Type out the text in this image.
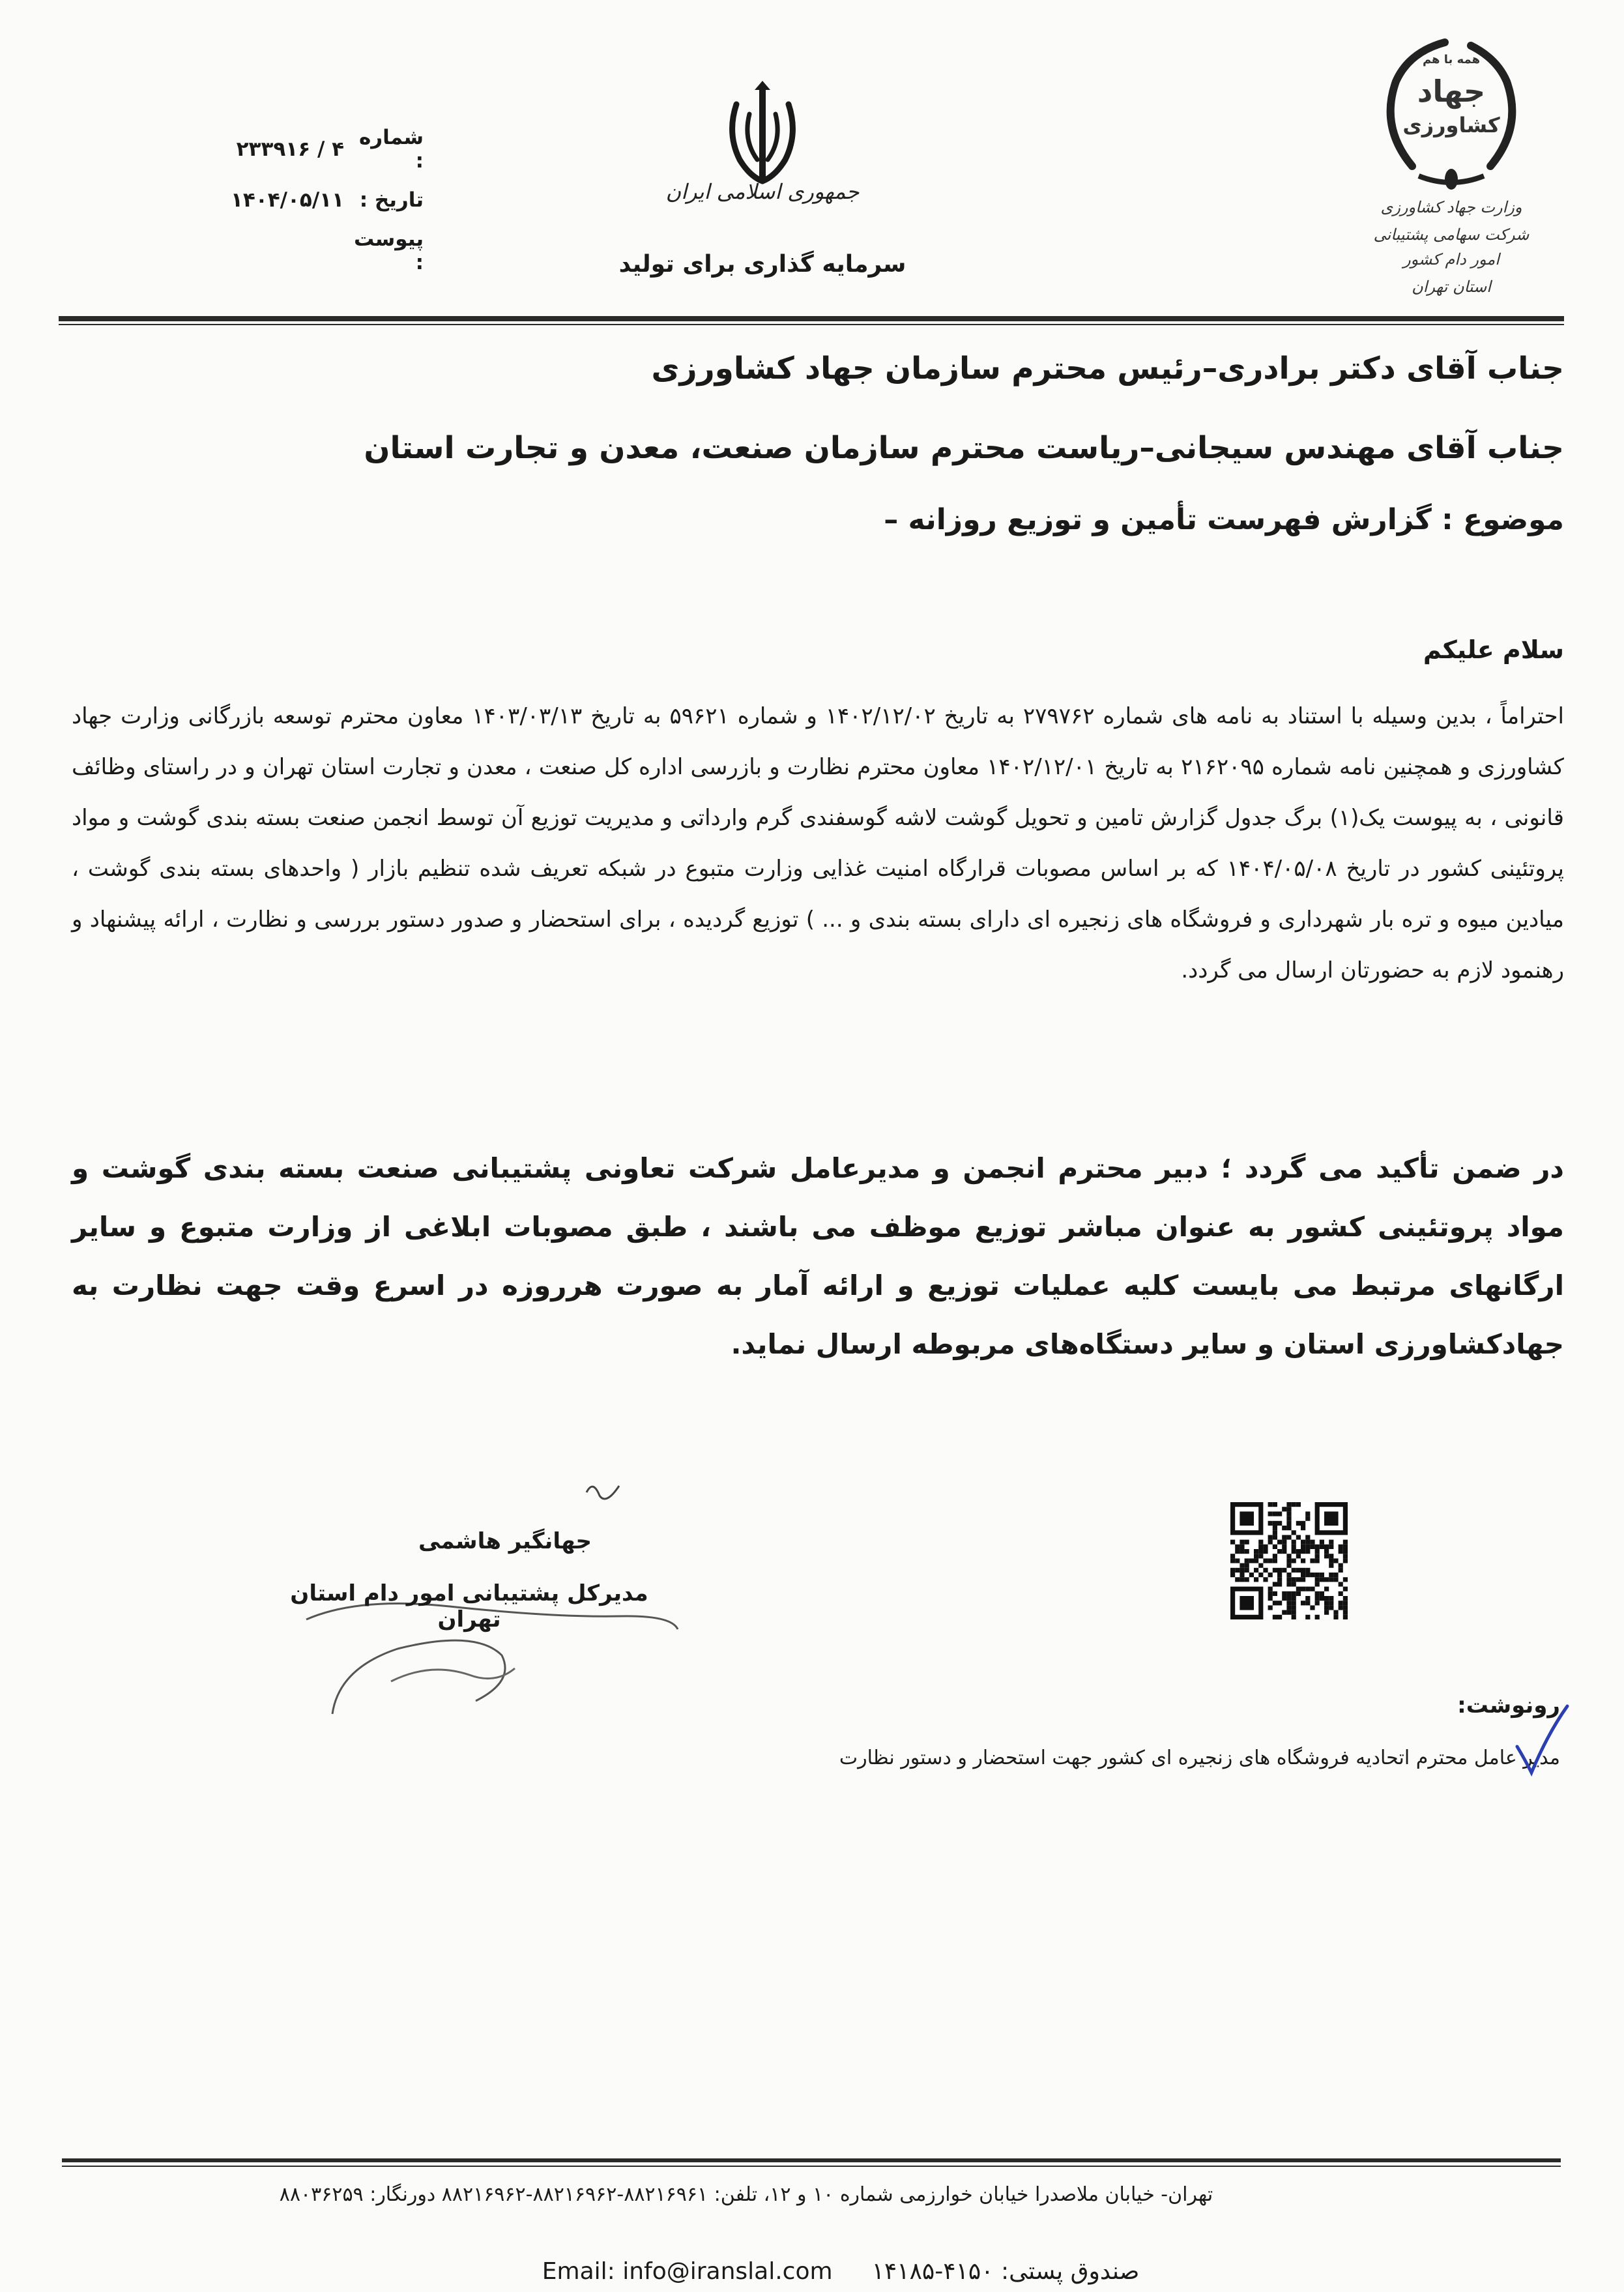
همه با هم
جهاد
کشاورزی
وزارت جهاد کشاورزی
شرکت سهامی پشتیبانی امور دام کشور
استان تهران
جمهوری اسلامی ایران
سرمایه گذاری برای تولید
شماره :
۴ / ۲۳۳۹۱۶
تاریخ :
۱۴۰۴/۰۵/۱۱
پیوست :
جناب آقای دکتر برادری–رئیس محترم سازمان جهاد کشاورزی
جناب آقای مهندس سیجانی–ریاست محترم سازمان صنعت، معدن و تجارت استان
موضوع : گزارش فهرست تأمین و توزیع روزانه –
سلام علیکم
احتراماً ، بدین وسیله با استناد به نامه های شماره ۲۷۹۷۶۲ به تاریخ ۱۴۰۲/۱۲/۰۲ و شماره ۵۹۶۲۱ به تاریخ ۱۴۰۳/۰۳/۱۳ معاون محترم توسعه بازرگانی وزارت جهاد کشاورزی و همچنین نامه شماره ۲۱۶۲۰۹۵ به تاریخ ۱۴۰۲/۱۲/۰۱ معاون محترم نظارت و بازرسی اداره کل صنعت ، معدن و تجارت استان تهران و در راستای وظائف قانونی ، به پیوست یک(۱) برگ جدول گزارش تامین و تحویل گوشت لاشه گوسفندی گرم وارداتی و مدیریت توزیع آن توسط انجمن صنعت بسته بندی گوشت و مواد پروتئینی کشور در تاریخ ۱۴۰۴/۰۵/۰۸ که بر اساس مصوبات قرارگاه امنیت غذایی وزارت متبوع در شبکه تعریف شده تنظیم بازار ( واحدهای بسته بندی گوشت ، میادین میوه و تره بار شهرداری و فروشگاه های زنجیره ای دارای بسته بندی و ... ) توزیع گردیده ، برای استحضار و صدور دستور بررسی و نظارت ، ارائه پیشنهاد و رهنمود لازم به حضورتان ارسال می گردد.
در ضمن تأکید می گردد ؛ دبیر محترم انجمن و مدیرعامل شرکت تعاونی پشتیبانی صنعت بسته بندی گوشت و مواد پروتئینی کشور به عنوان مباشر توزیع موظف می باشند ، طبق مصوبات ابلاغی از وزارت متبوع و سایر ارگانهای مرتبط می بایست کلیه عملیات توزیع و ارائه آمار به صورت هرروزه در اسرع وقت جهت نظارت به جهادکشاورزی استان و سایر دستگاه‌های مربوطه ارسال نماید.
جهانگیر هاشمی
مدیرکل پشتیبانی امور دام استان تهران
رونوشت:
مدیر عامل محترم اتحادیه فروشگاه های زنجیره ای کشور جهت استحضار و دستور نظارت
تهران- خیابان ملاصدرا خیابان خوارزمی شماره ۱۰ و ۱۲، تلفن: ۸۸۲۱۶۹۶۱-۸۸۲۱۶۹۶۲-۸۸۲۱۶۹۶۲ دورنگار: ۸۸۰۳۶۲۵۹
صندوق پستی: ۴۱۵۰-۱۴۱۸۵
Email: info@iranslal.com
